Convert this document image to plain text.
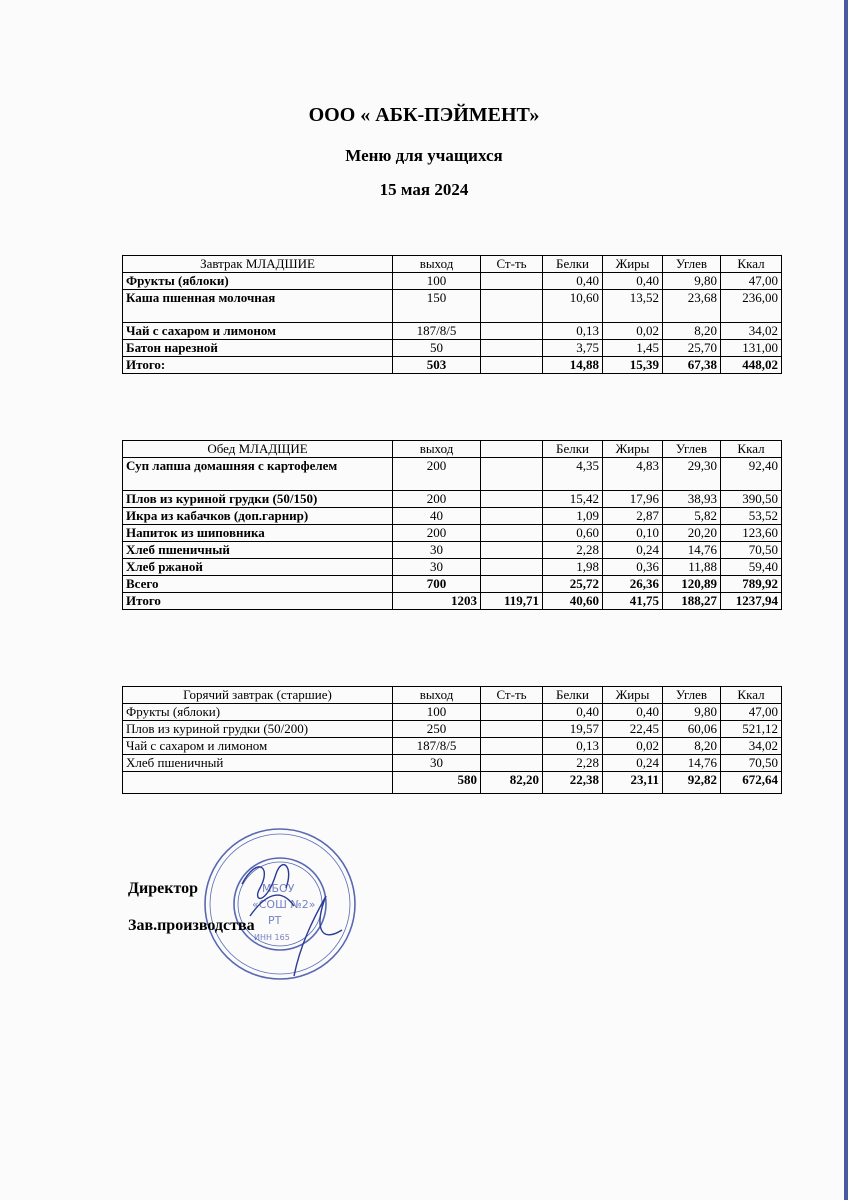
ООО « АБК-ПЭЙМЕНТ»
Меню для учащихся
15 мая 2024
Завтрак МЛАДШИЕ	выход	Ст-ть	Белки	Жиры	Углев	Ккал
Фрукты (яблоки)	100		0,40	0,40	9,80	47,00
Каша пшенная молочная	150		10,60	13,52	23,68	236,00
Чай с сахаром и лимоном	187/8/5		0,13	0,02	8,20	34,02
Батон нарезной	50		3,75	1,45	25,70	131,00
Итого:	503		14,88	15,39	67,38	448,02
Обед МЛАДЩИЕ	выход		Белки	Жиры	Углев	Ккал
Суп лапша домашняя с картофелем	200		4,35	4,83	29,30	92,40
Плов из куриной грудки (50/150)	200		15,42	17,96	38,93	390,50
Икра из кабачков (доп.гарнир)	40		1,09	2,87	5,82	53,52
Напиток из шиповника	200		0,60	0,10	20,20	123,60
Хлеб пшеничный	30		2,28	0,24	14,76	70,50
Хлеб ржаной	30		1,98	0,36	11,88	59,40
Всего	700		25,72	26,36	120,89	789,92
Итого	1203	119,71	40,60	41,75	188,27	1237,94
Горячий завтрак (старшие)	выход	Ст-ть	Белки	Жиры	Углев	Ккал
Фрукты (яблоки)	100		0,40	0,40	9,80	47,00
Плов из куриной грудки (50/200)	250		19,57	22,45	60,06	521,12
Чай с сахаром и лимоном	187/8/5		0,13	0,02	8,20	34,02
Хлеб пшеничный	30		2,28	0,24	14,76	70,50
	580	82,20	22,38	23,11	92,82	672,64
МБОУ
«СОШ №2»
РТ
ИНН 165
Директор
Зав.производства
